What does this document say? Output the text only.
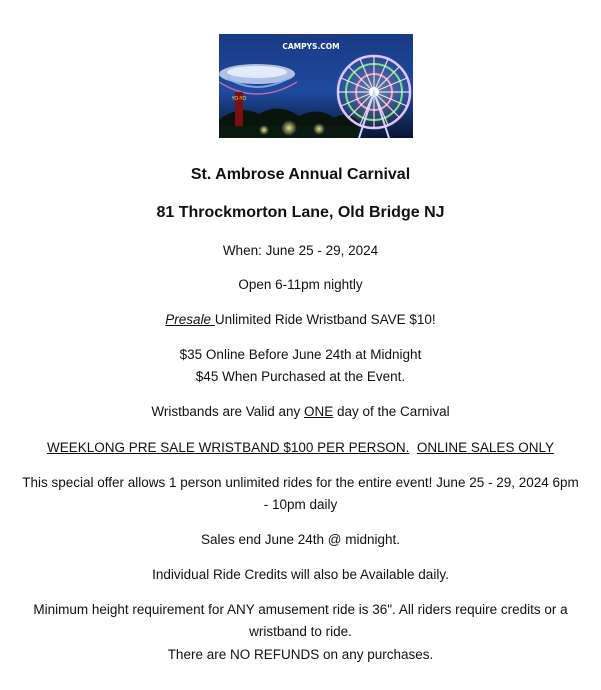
YO-YO
CAMPYS.COM
St. Ambrose Annual Carnival
81 Throckmorton Lane, Old Bridge NJ
When: June 25 - 29, 2024
Open 6-11pm nightly
Presale Unlimited Ride Wristband SAVE $10!
$35 Online Before June 24th at Midnight
$45 When Purchased at the Event.
Wristbands are Valid any ONE day of the Carnival
WEEKLONG PRE SALE WRISTBAND $100 PER PERSON. ONLINE SALES ONLY
This special offer allows 1 person unlimited rides for the entire event! June 25 - 29, 2024 6pm
- 10pm daily
Sales end June 24th @ midnight.
Individual Ride Credits will also be Available daily.
Minimum height requirement for ANY amusement ride is 36". All riders require credits or a
wristband to ride.
There are NO REFUNDS on any purchases.
